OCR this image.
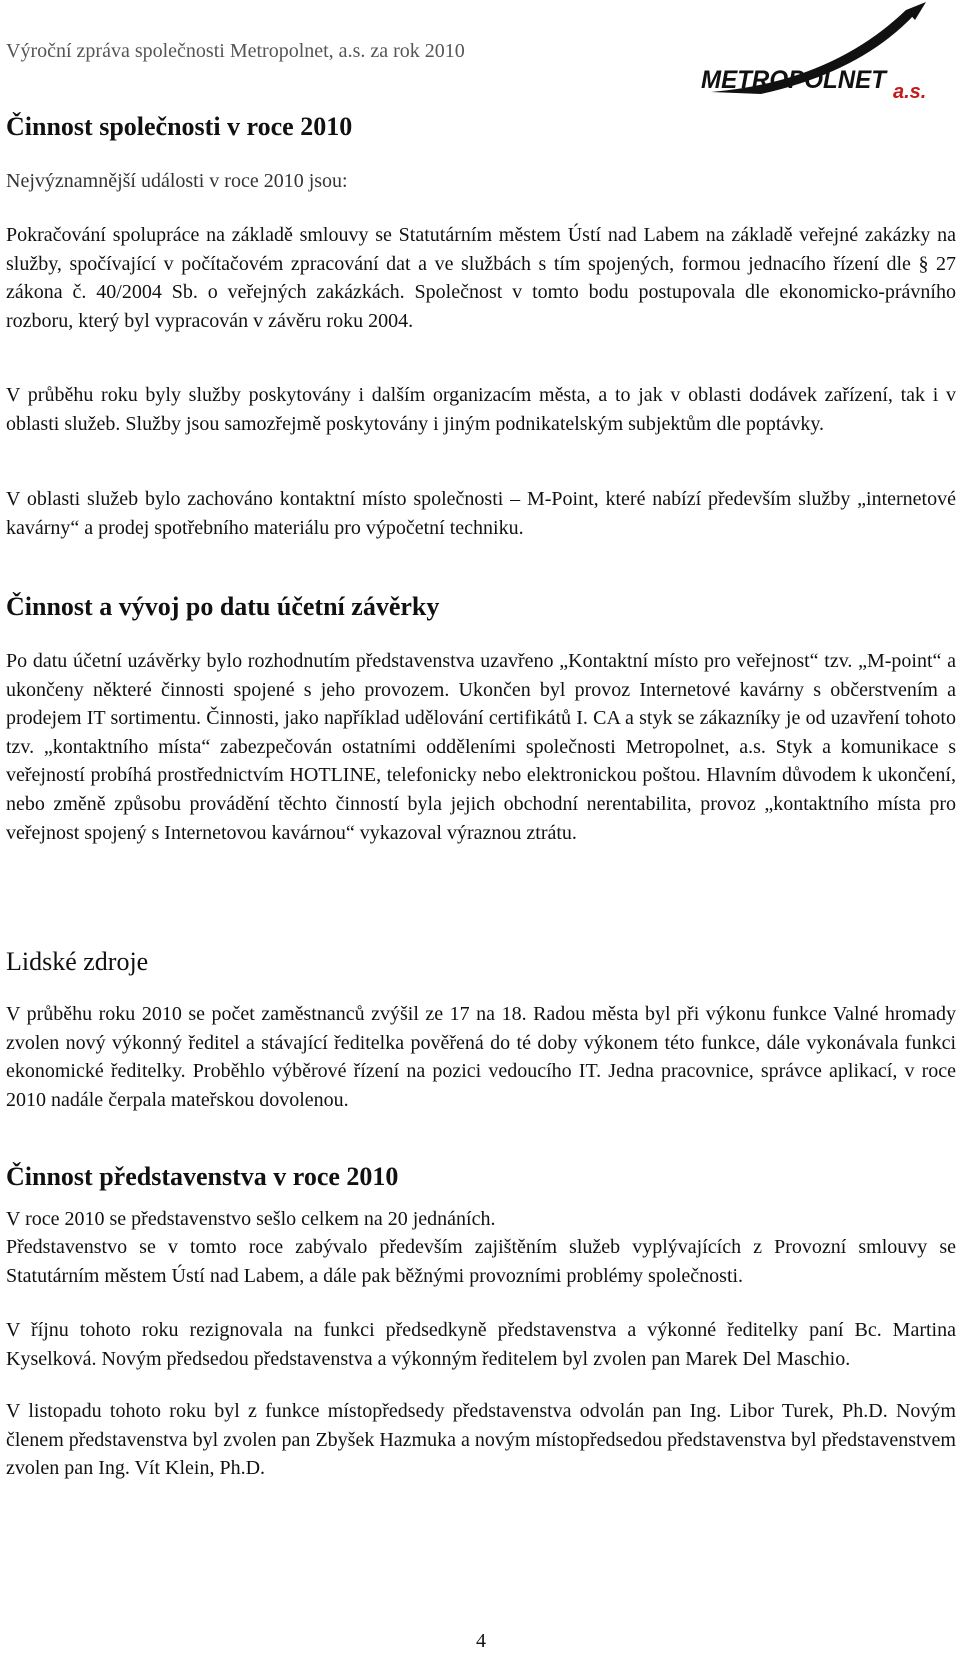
Výroční zpráva společnosti Metropolnet, a.s. za rok 2010
METROPOLNET a.s.
Činnost společnosti v roce 2010
Nejvýznamnější události v roce 2010 jsou:
Pokračování spolupráce na základě smlouvy se Statutárním městem Ústí nad Labem na základě veřejné zakázky na služby, spočívající v počítačovém zpracování dat a ve službách s tím spojených, formou jednacího řízení dle § 27 zákona č. 40/2004 Sb. o veřejných zakázkách. Společnost v tomto bodu postupovala dle ekonomicko-právního rozboru, který byl vypracován v závěru roku 2004.
V průběhu roku byly služby poskytovány i dalším organizacím města, a to jak v oblasti dodávek zařízení, tak i v oblasti služeb. Služby jsou samozřejmě poskytovány i jiným podnikatelským subjektům dle poptávky.
V oblasti služeb bylo zachováno kontaktní místo společnosti – M-Point, které nabízí především služby „internetové kavárny“ a prodej spotřebního materiálu pro výpočetní techniku.
Činnost a vývoj po datu účetní závěrky
Po datu účetní uzávěrky bylo rozhodnutím představenstva uzavřeno „Kontaktní místo pro veřejnost“ tzv. „M-point“ a ukončeny některé činnosti spojené s jeho provozem. Ukončen byl provoz Internetové kavárny s občerstvením a prodejem IT sortimentu. Činnosti, jako například udělování certifikátů I. CA a styk se zákazníky je od uzavření tohoto tzv. „kontaktního místa“ zabezpečován ostatními odděleními společnosti Metropolnet, a.s. Styk a komunikace s veřejností probíhá prostřednictvím HOTLINE, telefonicky nebo elektronickou poštou. Hlavním důvodem k ukončení, nebo změně způsobu provádění těchto činností byla jejich obchodní nerentabilita, provoz „kontaktního místa pro veřejnost spojený s Internetovou kavárnou“ vykazoval výraznou ztrátu.
Lidské zdroje
V průběhu roku 2010 se počet zaměstnanců zvýšil ze 17 na 18. Radou města byl při výkonu funkce Valné hromady zvolen nový výkonný ředitel a stávající ředitelka pověřená do té doby výkonem této funkce, dále vykonávala funkci ekonomické ředitelky. Proběhlo výběrové řízení na pozici vedoucího IT. Jedna pracovnice, správce aplikací, v roce 2010 nadále čerpala mateřskou dovolenou.
Činnost představenstva v roce 2010
V roce 2010 se představenstvo sešlo celkem na 20 jednáních.
Představenstvo se v tomto roce zabývalo především zajištěním služeb vyplývajících z Provozní smlouvy se Statutárním městem Ústí nad Labem, a dále pak běžnými provozními problémy společnosti.
V říjnu tohoto roku rezignovala na funkci předsedkyně představenstva a výkonné ředitelky paní Bc. Martina Kyselková. Novým předsedou představenstva a výkonným ředitelem byl zvolen pan Marek Del Maschio.
V listopadu tohoto roku byl z funkce místopředsedy představenstva odvolán pan Ing. Libor Turek, Ph.D. Novým členem představenstva byl zvolen pan Zbyšek Hazmuka a novým místopředsedou představenstva byl představenstvem zvolen pan Ing. Vít Klein, Ph.D.
4
